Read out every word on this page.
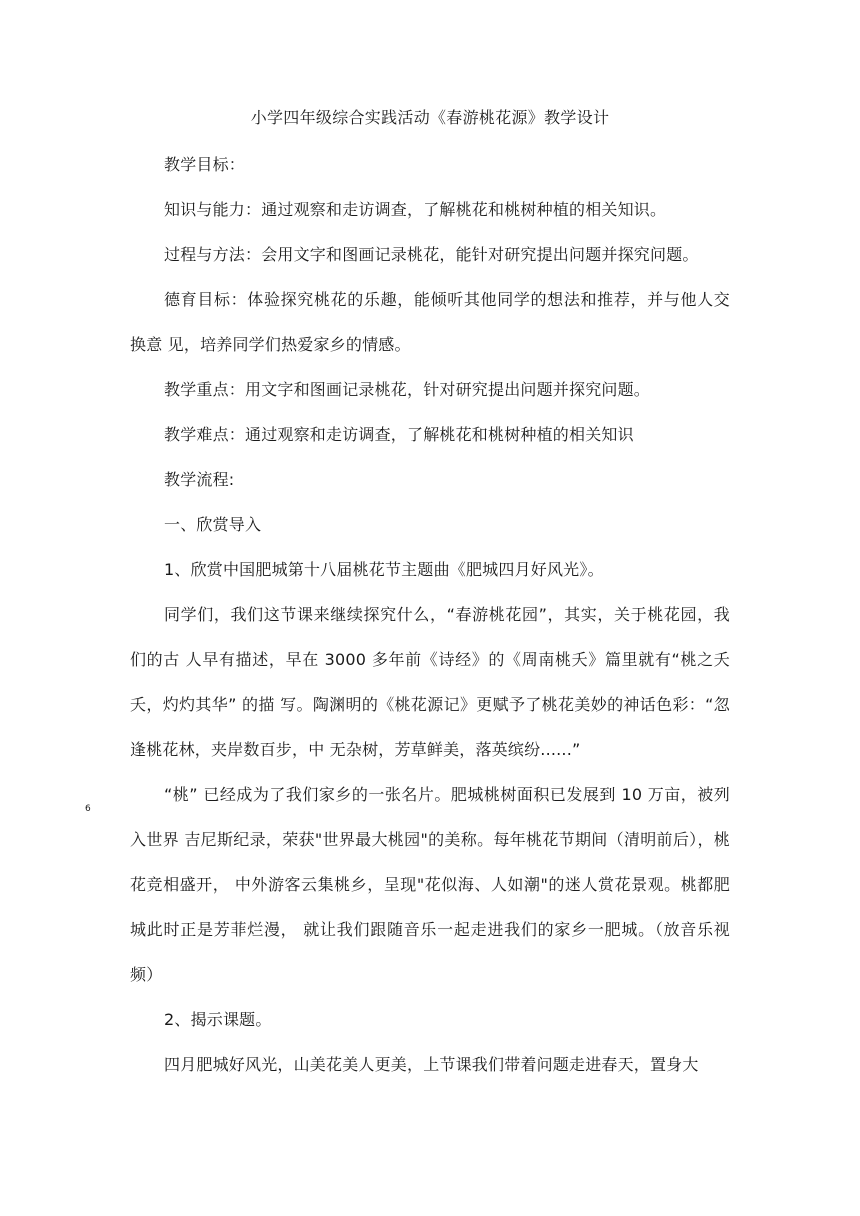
小学四年级综合实践活动《春游桃花源》教学设计

教学目标：

知识与能力：通过观察和走访调查，了解桃花和桃树种植的相关知识。

过程与方法：会用文字和图画记录桃花，能针对研究提出问题并探究问题。

德育目标：体验探究桃花的乐趣，能倾听其他同学的想法和推荐，并与他人交换意 见，培养同学们热爱家乡的情感。

教学重点：用文字和图画记录桃花，针对研究提出问题并探究问题。

教学难点：通过观察和走访调查，了解桃花和桃树种植的相关知识

教学流程:

一、欣赏导入

1、欣赏中国肥城第十八届桃花节主题曲《肥城四月好风光》。

同学们，我们这节课来继续探究什么，“春游桃花园”，其实，关于桃花园，我们的古 人早有描述，早在 3000 多年前《诗经》的《周南桃夭》篇里就有“桃之夭夭，灼灼其华” 的描 写。陶渊明的《桃花源记》更赋予了桃花美妙的神话色彩：“忽逢桃花林，夹岸数百步，中 无杂树，芳草鲜美，落英缤纷......”

“桃” 已经成为了我们家乡的一张名片。肥城桃树面积已发展到 10 万亩，被列入世界 吉尼斯纪录，荣获"世界最大桃园"的美称。每年桃花节期间（清明前后），桃花竞相盛开， 中外游客云集桃乡，呈现"花似海、人如潮"的迷人赏花景观。桃都肥城此时正是芳菲烂漫， 就让我们跟随音乐一起走进我们的家乡一肥城。（放音乐视频）

2、揭示课题。

四月肥城好风光，山美花美人更美，上节课我们带着问题走进春天，置身大

6
